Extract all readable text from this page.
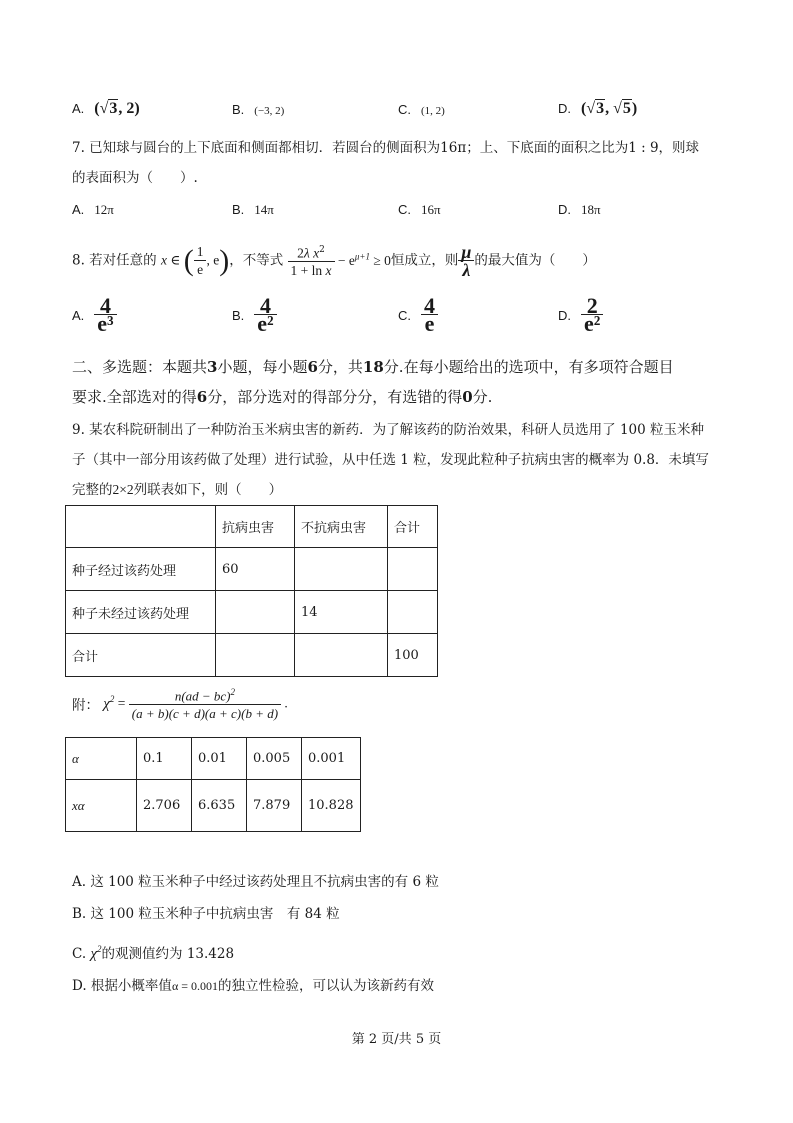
A. (√3, 2)	B. (−3, 2)	C. (1, 2)	D. (√3, √5)
7. 已知球与圆台的上下底面和侧面都相切．若圆台的侧面积为16π；上、下底面的面积之比为1 : 9，则球
的表面积为（　　）.
A. 12π	B. 14π	C. 16π	D. 18π
8. 若对任意的 x ∈ ( $\frac{1}{e}$ , e)，不等式 $\frac{2\lambda x^2}{\text{1 + ln x}} - e^{\mu+1} \ge 0$恒成立，则 $\frac{\mu}{\lambda}$ 的最大值为（　　）
A. $\frac{4}{\text{e³}}$	B. $\frac{4}{\text{e²}}$	C. $\frac{4}{e}$	D. $\frac{2}{\text{e²}}$
二、多选题：本题共3小题，每小题6分，共18分.在每小题给出的选项中，有多项符合题目
要求.全部选对的得6分，部分选对的得部分分，有选错的得0分.
9. 某农科院研制出了一种防治玉米病虫害的新药．为了解该药的防治效果，科研人员选用了 100 粒玉米种
子（其中一部分用该药做了处理）进行试验，从中任选 1 粒，发现此粒种子抗病虫害的概率为 0.8．未填写
完整的2×2列联表如下，则（　　）
	抗病虫害	不抗病虫害	合计
种子经过该药处理	60		
种子未经过该药处理		14	
合计			100
附： $\chi^2 = \frac{n(ad - bc)^2}{(a + b)(c + d)(a + c)(b + d)}$ .
α	0.1	0.01	0.005	0.001
xα	2.706	6.635	7.879	10.828
A. 这 100 粒玉米种子中经过该药处理且不抗病虫害的有 6 粒
B. 这 100 粒玉米种子中抗病虫害　有 84 粒
C. $\chi^2$的观测值约为 13.428
D. 根据小概率值α = 0.001的独立性检验，可以认为该新药有效
第 2 页/共 5 页
